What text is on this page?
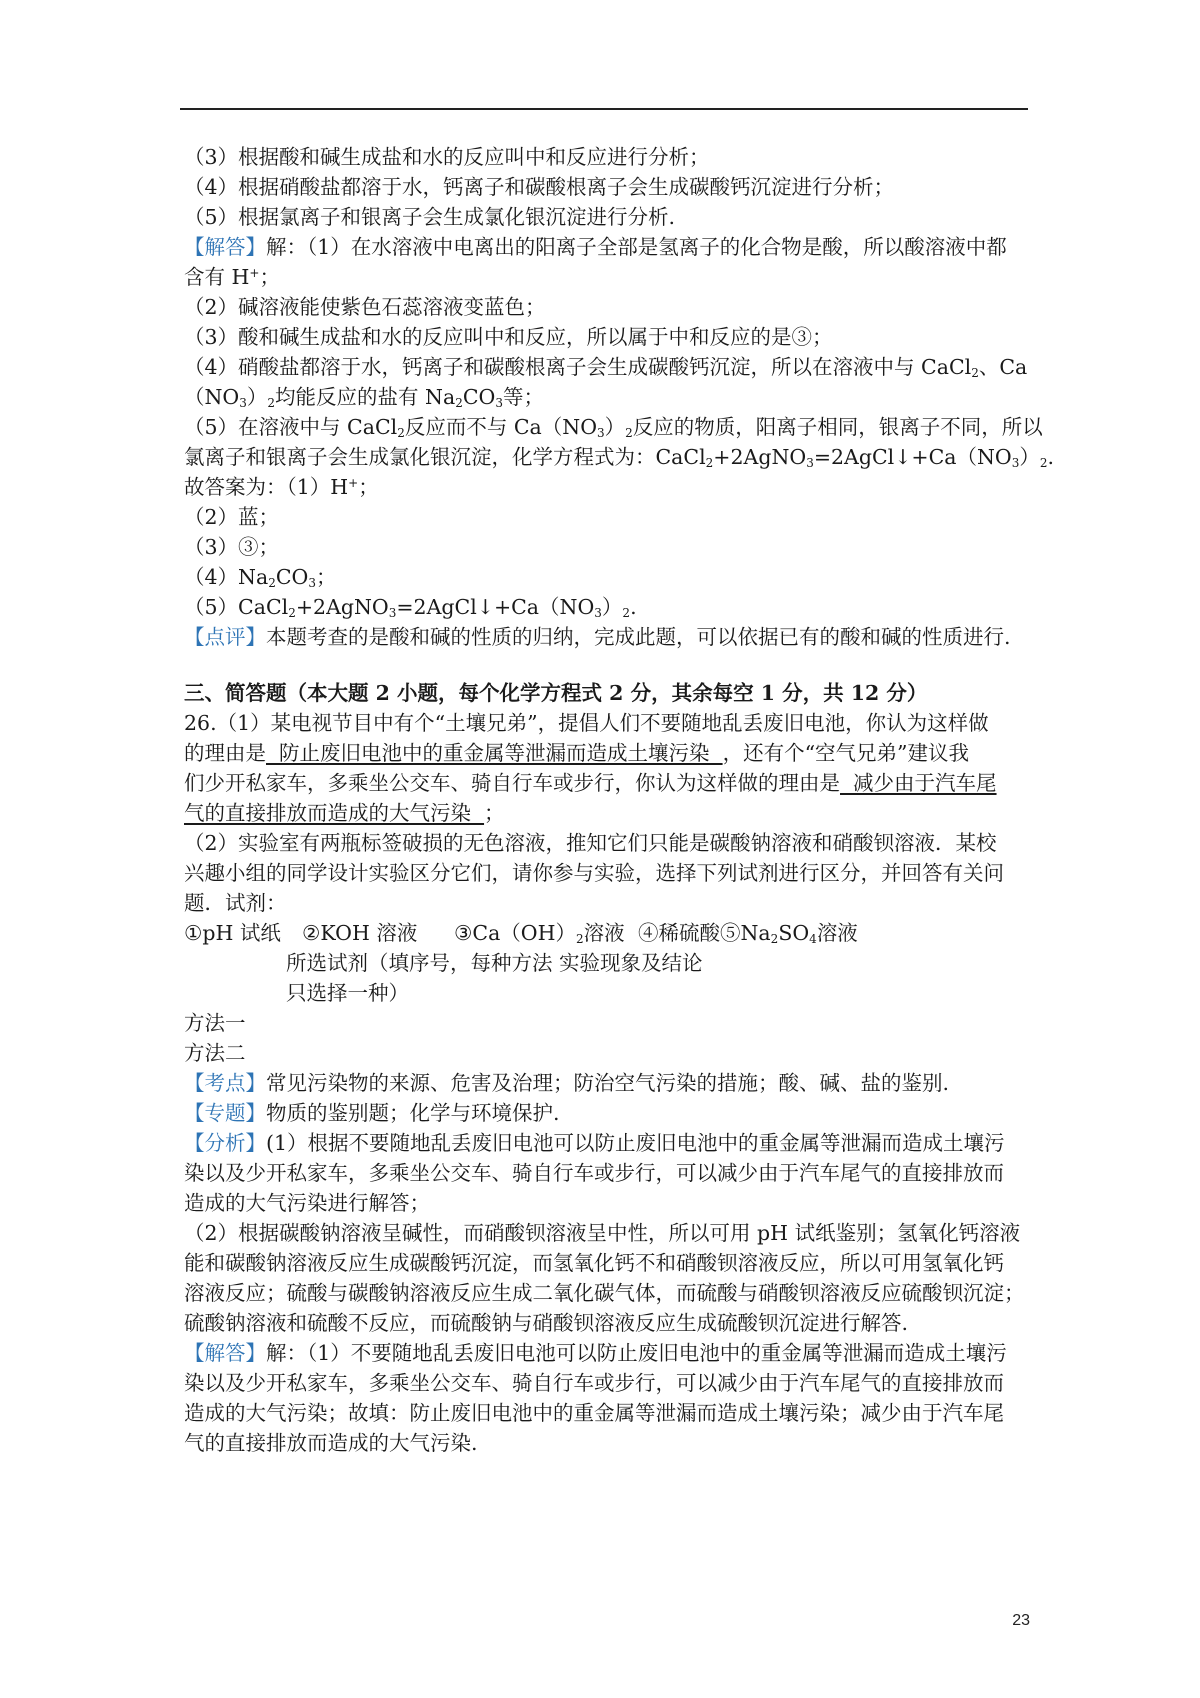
（3）根据酸和碱生成盐和水的反应叫中和反应进行分析；
（4）根据硝酸盐都溶于水，钙离子和碳酸根离子会生成碳酸钙沉淀进行分析；
（5）根据氯离子和银离子会生成氯化银沉淀进行分析.
【解答】解：（1）在水溶液中电离出的阳离子全部是氢离子的化合物是酸，所以酸溶液中都
含有 H+；
（2）碱溶液能使紫色石蕊溶液变蓝色；
（3）酸和碱生成盐和水的反应叫中和反应，所以属于中和反应的是③；
（4）硝酸盐都溶于水，钙离子和碳酸根离子会生成碳酸钙沉淀，所以在溶液中与 CaCl$_2$、Ca
$(NO_3)_2$均能反应的盐有 $Na_2CO_3$等；
（5）在溶液中与 CaCl$_2$反应而不与 $Ca(NO_3)_2$反应的物质，阳离子相同，银离子不同，所以
氯离子和银离子会生成氯化银沉淀，化学方程式为：$CaCl_2+2AgNO_3=2AgCl↓+Ca(NO_3)_2$.
故答案为：（1）H+；
（2）蓝；
（3）③；
$(4)Na_2CO_3$；
$(5)CaCl_2+2AgNO_3=2AgCl↓+Ca(NO_3)_2$.
【点评】本题考查的是酸和碱的性质的归纳，完成此题，可以依据已有的酸和碱的性质进行.
三、简答题（本大题 2 小题，每个化学方程式 2 分，其余每空 1 分，共 12 分）
26.（1）某电视节目中有个“土壤兄弟”，提倡人们不要随地乱丢废旧电池，你认为这样做
的理由是  防止废旧电池中的重金属等泄漏而造成土壤污染  ，还有个“空气兄弟”建议我
们少开私家车，多乘坐公交车、骑自行车或步行，你认为这样做的理由是  减少由于汽车尾
气的直接排放而造成的大气污染  ；
（2）实验室有两瓶标签破损的无色溶液，推知它们只能是碳酸钠溶液和硝酸钡溶液．某校
兴趣小组的同学设计实验区分它们，请你参与实验，选择下列试剂进行区分，并回答有关问
题．试剂：
①pH 试纸 ②KOH 溶液 $③Ca(OH)_2$溶液 ④稀硫酸$⑤Na_2SO_4$溶液
所选试剂（填序号，每种方法 实验现象及结论
只选择一种）
方法一
方法二
【考点】常见污染物的来源、危害及治理；防治空气污染的措施；酸、碱、盐的鉴别.
【专题】物质的鉴别题；化学与环境保护.
【分析】(1）根据不要随地乱丢废旧电池可以防止废旧电池中的重金属等泄漏而造成土壤污
染以及少开私家车，多乘坐公交车、骑自行车或步行，可以减少由于汽车尾气的直接排放而
造成的大气污染进行解答；
（2）根据碳酸钠溶液呈碱性，而硝酸钡溶液呈中性，所以可用 pH 试纸鉴别；氢氧化钙溶液
能和碳酸钠溶液反应生成碳酸钙沉淀，而氢氧化钙不和硝酸钡溶液反应，所以可用氢氧化钙
溶液反应；硫酸与碳酸钠溶液反应生成二氧化碳气体，而硫酸与硝酸钡溶液反应硫酸钡沉淀；
硫酸钠溶液和硫酸不反应，而硫酸钠与硝酸钡溶液反应生成硫酸钡沉淀进行解答.
【解答】解：（1）不要随地乱丢废旧电池可以防止废旧电池中的重金属等泄漏而造成土壤污
染以及少开私家车，多乘坐公交车、骑自行车或步行，可以减少由于汽车尾气的直接排放而
造成的大气污染；故填：防止废旧电池中的重金属等泄漏而造成土壤污染；减少由于汽车尾
气的直接排放而造成的大气污染.
23
